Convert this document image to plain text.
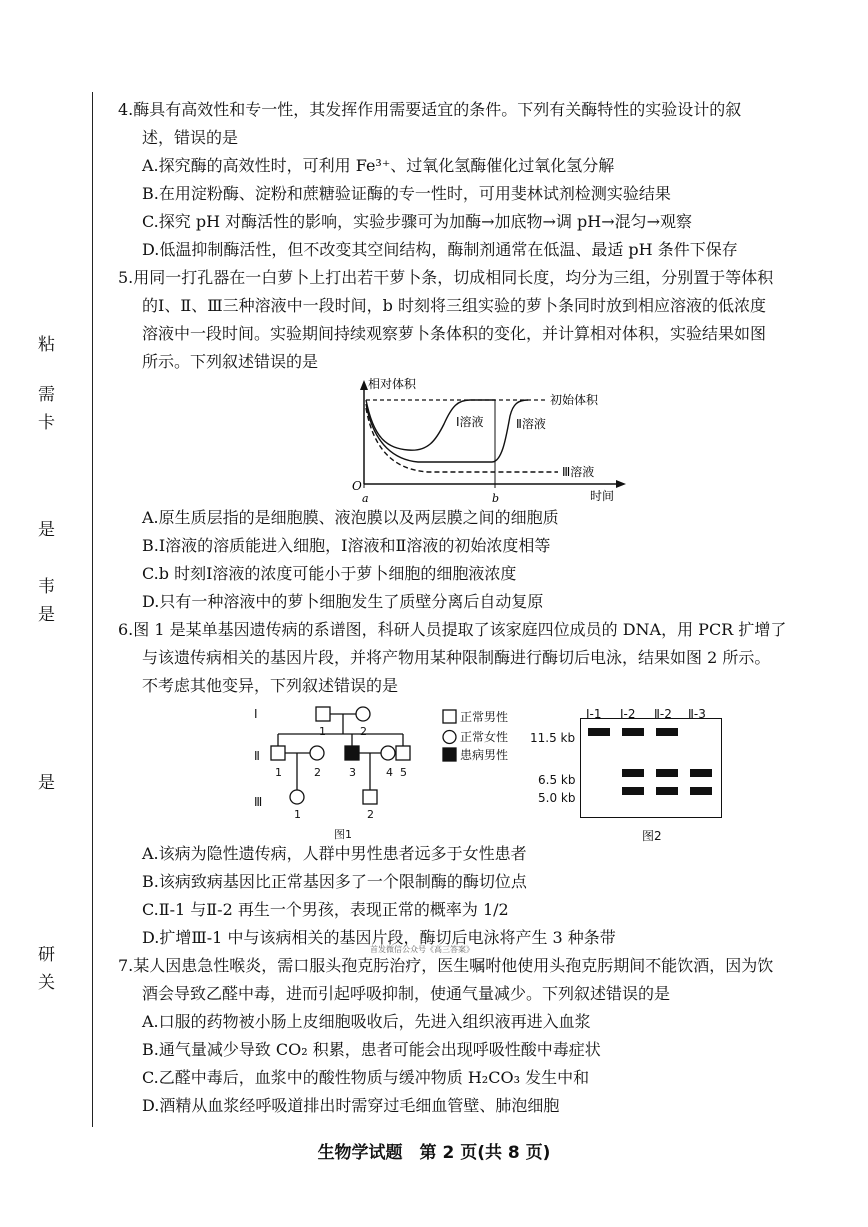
粘
需
卡
是
韦
是
是
研
关

4.酶具有高效性和专一性，其发挥作用需要适宜的条件。下列有关酶特性的实验设计的叙

述，错误的是

A.探究酶的高效性时，可利用 Fe³⁺、过氧化氢酶催化过氧化氢分解

B.在用淀粉酶、淀粉和蔗糖验证酶的专一性时，可用斐林试剂检测实验结果

C.探究 pH 对酶活性的影响，实验步骤可为加酶→加底物→调 pH→混匀→观察

D.低温抑制酶活性，但不改变其空间结构，酶制剂通常在低温、最适 pH 条件下保存

5.用同一打孔器在一白萝卜上打出若干萝卜条，切成相同长度，均分为三组，分别置于等体积

的Ⅰ、Ⅱ、Ⅲ三种溶液中一段时间，b 时刻将三组实验的萝卜条同时放到相应溶液的低浓度

溶液中一段时间。实验期间持续观察萝卜条体积的变化，并计算相对体积，实验结果如图

所示。下列叙述错误的是

相对体积
时间
O
a	b
初始体积
Ⅰ溶液	Ⅱ溶液
Ⅲ溶液

A.原生质层指的是细胞膜、液泡膜以及两层膜之间的细胞质

B.Ⅰ溶液的溶质能进入细胞，Ⅰ溶液和Ⅱ溶液的初始浓度相等

C.b 时刻Ⅰ溶液的浓度可能小于萝卜细胞的细胞液浓度

D.只有一种溶液中的萝卜细胞发生了质壁分离后自动复原

6.图 1 是某单基因遗传病的系谱图，科研人员提取了该家庭四位成员的 DNA，用 PCR 扩增了

与该遗传病相关的基因片段，并将产物用某种限制酶进行酶切后电泳，结果如图 2 所示。

不考虑其他变异，下列叙述错误的是

Ⅰ
Ⅱ
Ⅲ
1	2
1	2	3	4 5
1	2
图1
正常男性
正常女性
患病男性
Ⅰ-1 Ⅰ-2 Ⅱ-2 Ⅱ-3
11.5 kb
6.5 kb
5.0 kb
图2

A.该病为隐性遗传病，人群中男性患者远多于女性患者

B.该病致病基因比正常基因多了一个限制酶的酶切位点

C.Ⅱ-1 与Ⅱ-2 再生一个男孩，表现正常的概率为 1/2

D.扩增Ⅲ-1 中与该病相关的基因片段，酶切后电泳将产生 3 种条带

7.某人因患急性喉炎，需口服头孢克肟治疗，医生嘱咐他使用头孢克肟期间不能饮酒，因为饮

酒会导致乙醛中毒，进而引起呼吸抑制，使通气量减少。下列叙述错误的是

A.口服的药物被小肠上皮细胞吸收后，先进入组织液再进入血浆

B.通气量减少导致 CO₂ 积累，患者可能会出现呼吸性酸中毒症状

C.乙醛中毒后，血浆中的酸性物质与缓冲物质 H₂CO₃ 发生中和

D.酒精从血浆经呼吸道排出时需穿过毛细血管壁、肺泡细胞

首发微信公众号《高三答案》
生物学试题　第 2 页(共 8 页)
